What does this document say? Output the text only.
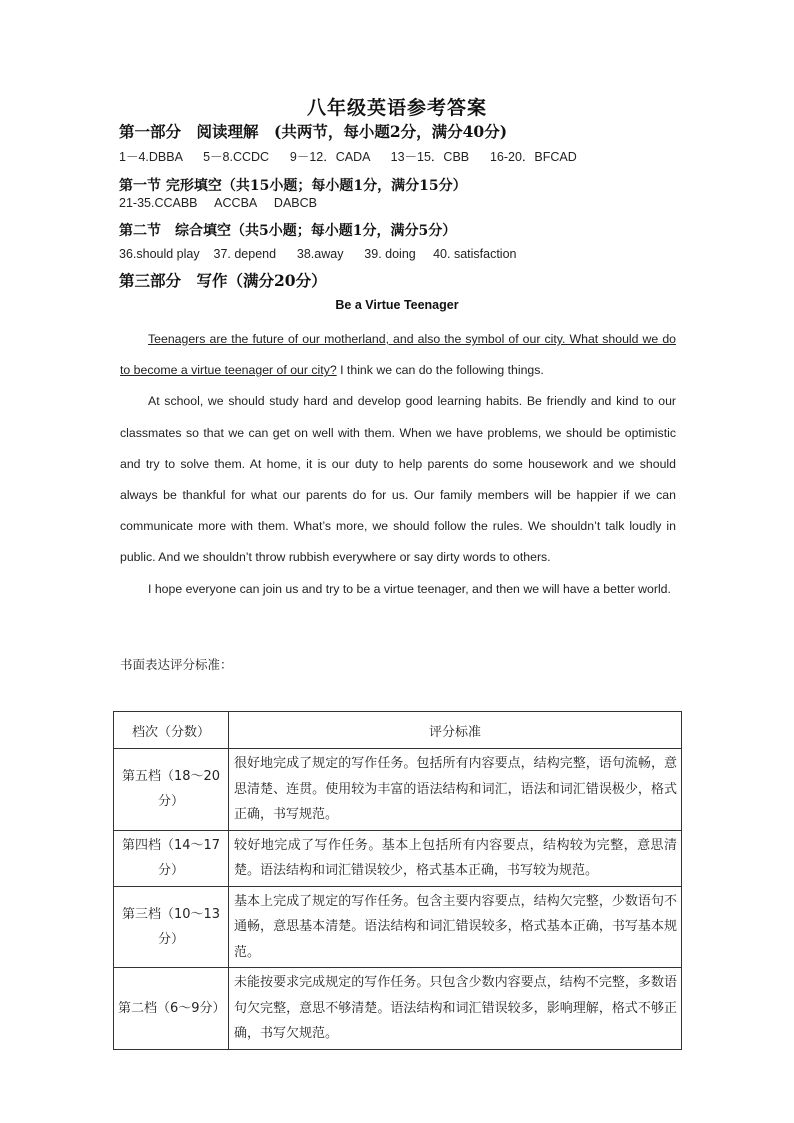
八年级英语参考答案
第一部分　阅读理解　(共两节，每小题2分，满分40分)
1－4.DBBA      5－8.CCDC      9－12．CADA      13－15．CBB      16-20．BFCAD
第一节 完形填空（共15小题；每小题1分，满分15分）
21-35.CCABB     ACCBA     DABCB
第二节　综合填空（共5小题；每小题1分，满分5分）
36.should play    37. depend      38.away      39. doing     40. satisfaction
第三部分　写作（满分20分）
Be a Virtue Teenager

Teenagers are the future of our motherland, and also the symbol of our city. What should we do to become a virtue teenager of our city? I think we can do the following things.

At school, we should study hard and develop good learning habits. Be friendly and kind to our classmates so that we can get on well with them. When we have problems, we should be optimistic and try to solve them. At home, it is our duty to help parents do some housework and we should always be thankful for what our parents do for us. Our family members will be happier if we can communicate more with them. What’s more, we should follow the rules. We shouldn’t talk loudly in public. And we shouldn’t throw rubbish everywhere or say dirty words to others.

I hope everyone can join us and try to be a virtue teenager, and then we will have a better world.

书面表达评分标准：
档次（分数）	评分标准
第五档（18～20分）	很好地完成了规定的写作任务。包括所有内容要点，结构完整，语句流畅，意思清楚、连贯。使用较为丰富的语法结构和词汇，语法和词汇错误极少，格式正确，书写规范。
第四档（14～17分）	较好地完成了写作任务。基本上包括所有内容要点，结构较为完整，意思清楚。语法结构和词汇错误较少，格式基本正确，书写较为规范。
第三档（10～13分）	基本上完成了规定的写作任务。包含主要内容要点，结构欠完整，少数语句不通畅，意思基本清楚。语法结构和词汇错误较多，格式基本正确，书写基本规范。
第二档（6～9分）	未能按要求完成规定的写作任务。只包含少数内容要点，结构不完整，多数语句欠完整，意思不够清楚。语法结构和词汇错误较多，影响理解，格式不够正确，书写欠规范。
